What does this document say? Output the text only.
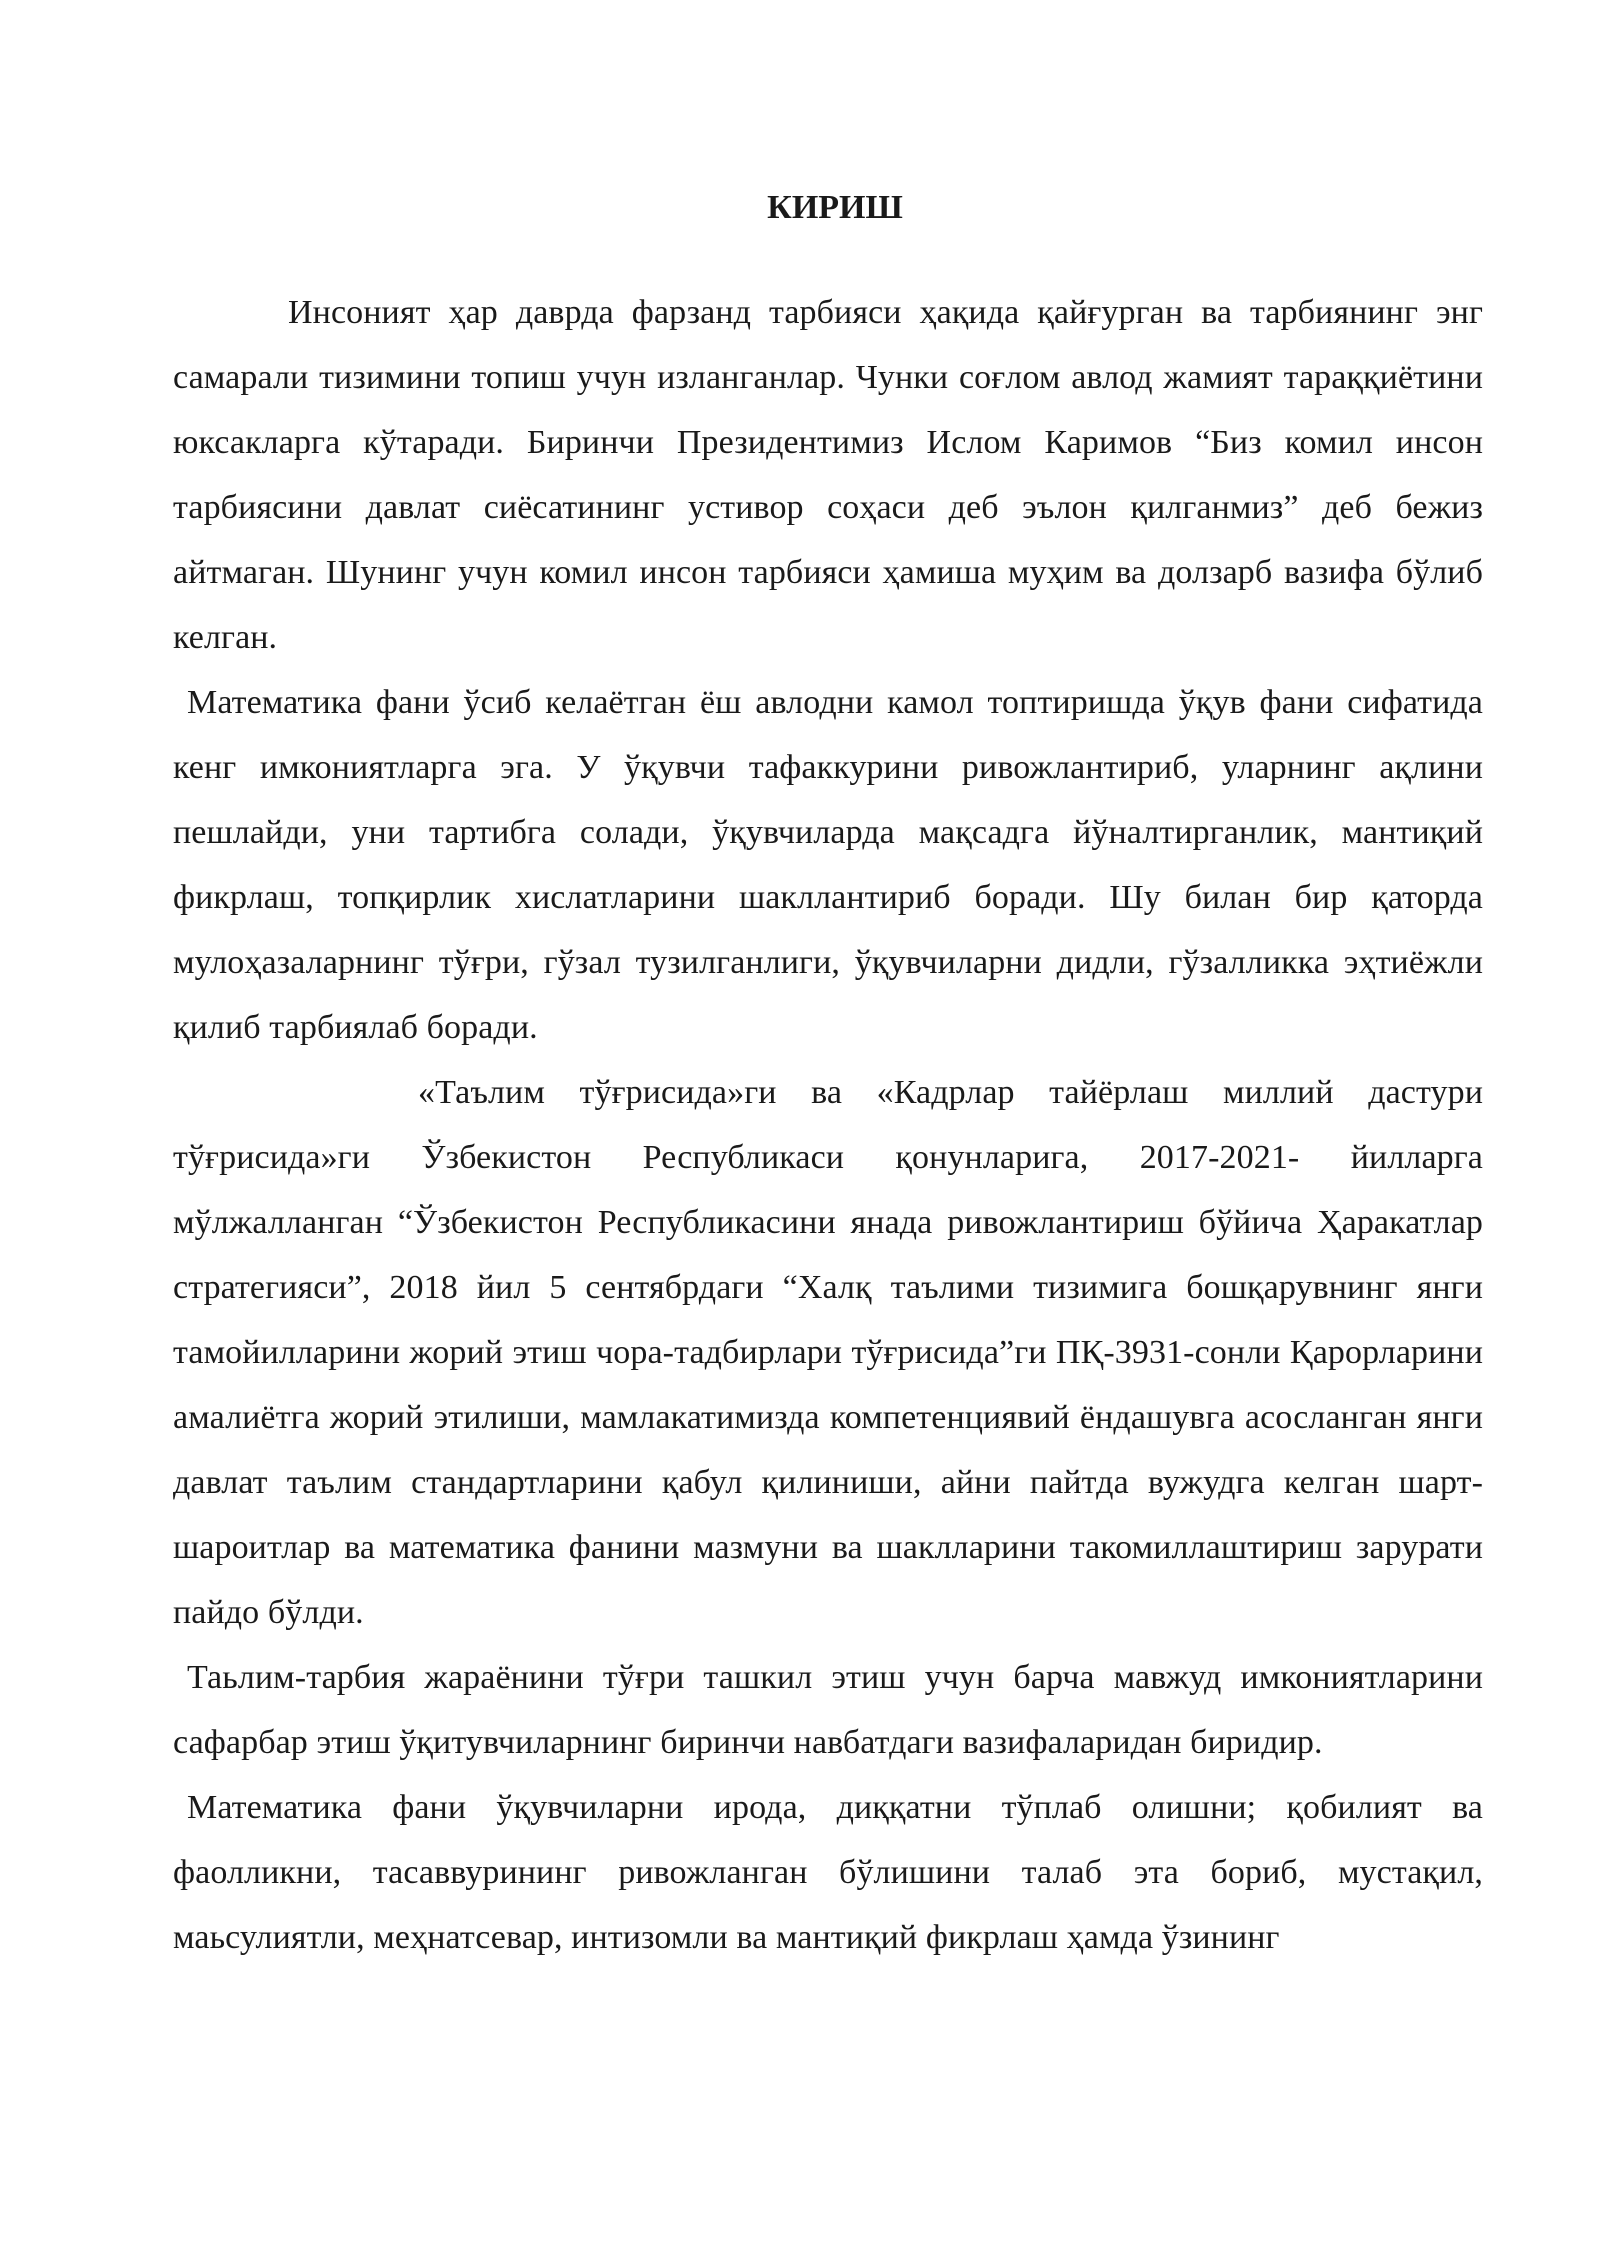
КИРИШ

Инсоният ҳар даврда фарзанд тарбияси ҳақида қайғурган ва тарбиянинг энг самарали тизимини топиш учун изланганлар. Чунки соғлом авлод жамият тараққиётини юксакларга кўтаради. Биринчи Президентимиз Ислом Каримов “Биз комил инсон тарбиясини давлат сиёсатининг устивор соҳаси деб эълон қилганмиз” деб бежиз айтмаган. Шунинг учун комил инсон тарбияси ҳамиша муҳим ва долзарб вазифа бўлиб келган.

Математика фани ўсиб келаётган ёш авлодни камол топтиришда ўқув фани сифатида кенг имкониятларга эга. У ўқувчи тафаккурини ривожлантириб, уларнинг ақлини пешлайди, уни тартибга солади, ўқувчиларда мақсадга йўналтирганлик, мантиқий фикрлаш, топқирлик хислатларини шакллантириб боради. Шу билан бир қаторда мулоҳазаларнинг тўғри, гўзал тузилганлиги, ўқувчиларни дидли, гўзалликка эҳтиёжли қилиб тарбиялаб боради.

«Таълим тўғрисида»ги ва «Кадрлар тайёрлаш миллий дастури тўғрисида»ги Ўзбекистон Республикаси қонунларига, 2017-2021- йилларга мўлжалланган “Ўзбекистон Республикасини янада ривожлантириш бўйича Ҳаракатлар стратегияси”, 2018 йил 5 сентябрдаги “Халқ таълими тизимига бошқарувнинг янги тамойилларини жорий этиш чора-тадбирлари тўғрисида”ги ПҚ-3931-сонли Қарорларини амалиётга жорий этилиши, мамлакатимизда компетенциявий ёндашувга асосланган янги давлат таълим стандартларини қабул қилиниши, айни пайтда вужудга келган шарт-шароитлар ва математика фанини мазмуни ва шаклларини такомиллаштириш зарурати пайдо бўлди.

Таьлим-тарбия жараёнини тўғри ташкил этиш учун барча мавжуд имкониятларини сафарбар этиш ўқитувчиларнинг биринчи навбатдаги вазифаларидан биридир.

Математика фани ўқувчиларни ирода, диққатни тўплаб олишни; қобилият ва фаолликни, тасаввурининг ривожланган бўлишини талаб эта бориб, мустақил, маьсулиятли, меҳнатсевар, интизомли ва мантиқий фикрлаш ҳамда ўзининг
